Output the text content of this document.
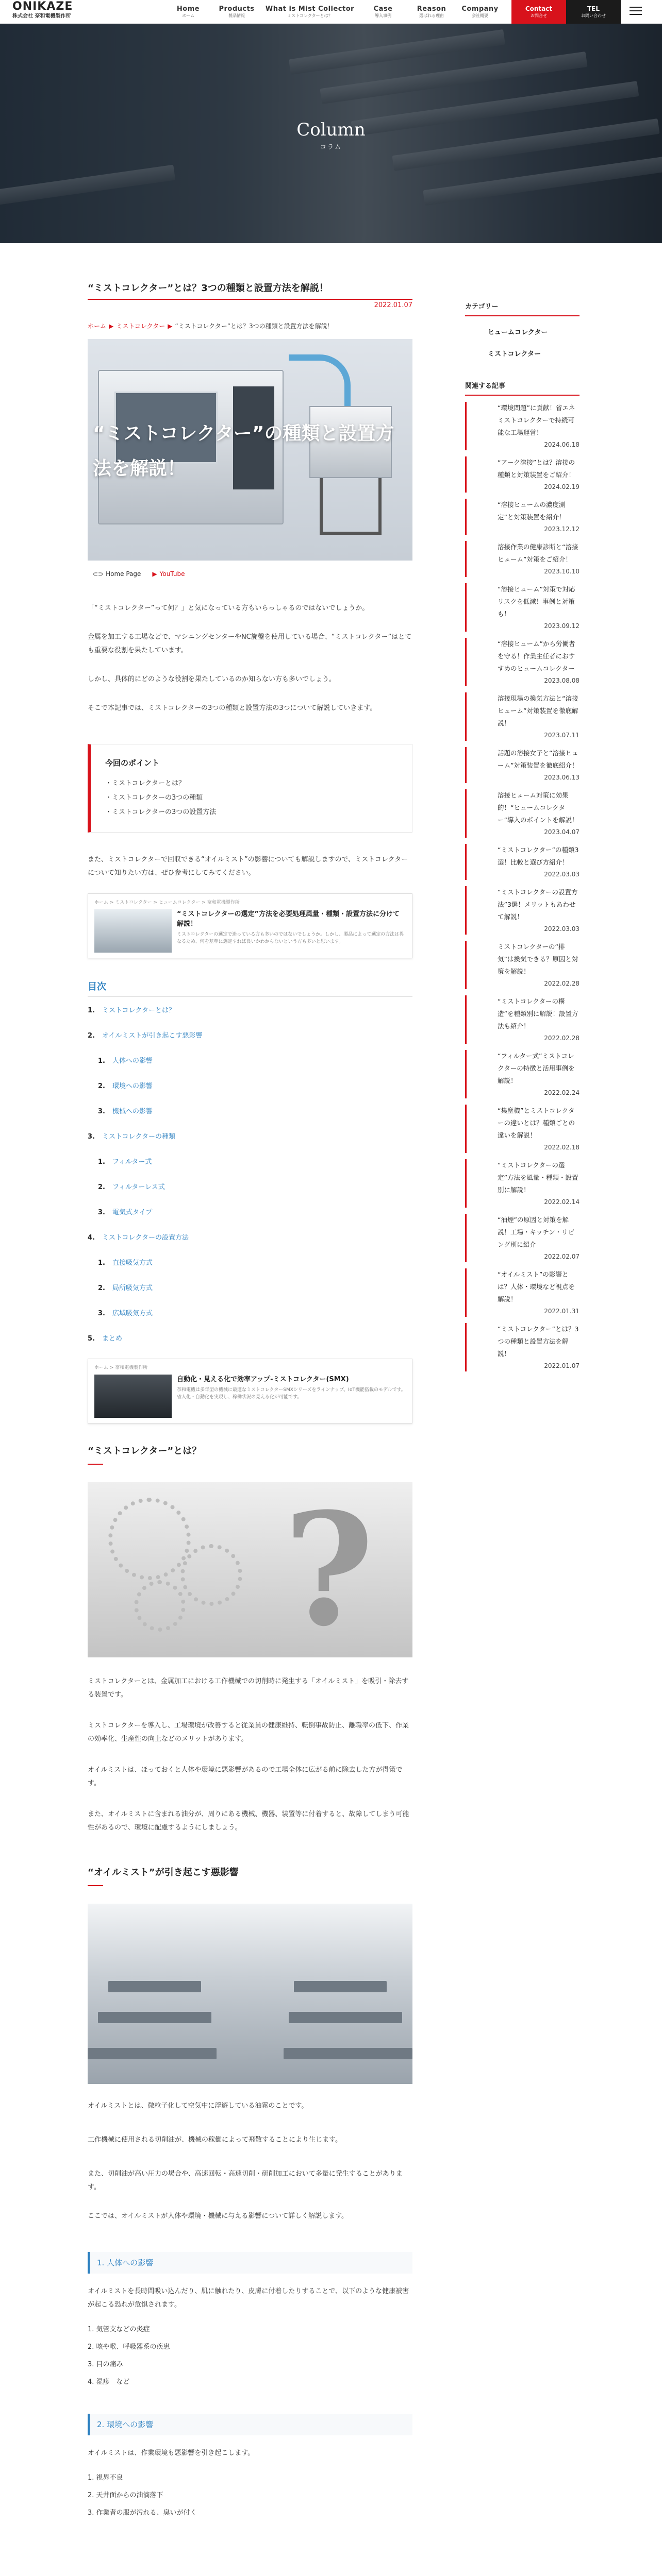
ONIKAZE
株式会社 奈和電機製作所
Home
ホーム
Products
製品情報
What is Mist Collector
ミストコレクターとは？
Case
導入事例
Reason
選ばれる理由
Company
会社概要
Contact
お問合せ
TEL
お問い合わせ
Column
コラム
“ミストコレクター”とは？3つの種類と設置方法を解説！
2022.01.07
ホーム ▶ ミストコレクター ▶ “ミストコレクター”とは？3つの種類と設置方法を解説！
“ミストコレクター”の種類と設置方法を解説！
⊂⊃ Home Page ▶ YouTube

「“ミストコレクター”って何？」と気になっている方もいらっしゃるのではないでしょうか。

金属を加工する工場などで、マシニングセンターやNC旋盤を使用している場合、“ミストコレクター”はとても重要な役割を果たしています。

しかし、具体的にどのような役割を果たしているのか知らない方も多いでしょう。

そこで本記事では、ミストコレクターの3つの種類と設置方法の3つについて解説していきます。

今回のポイント
・ミストコレクターとは？
・ミストコレクターの3つの種類
・ミストコレクターの3つの設置方法

また、ミストコレクターで回収できる“オイルミスト”の影響についても解説しますので、ミストコレクターについて知りたい方は、ぜひ参考にしてみてください。

ホーム > ミストコレクター > ヒュームコレクター > 奈和電機製作所
“ミストコレクターの選定”方法を必要処理風量・種類・設置方法に分けて解説！
ミストコレクターの選定で迷っている方も多いのではないでしょうか。しかし、製品によって選定の方法は異なるため、何を基準に選定すれば良いかわからないという方も多いと思います。
目次
1. ミストコレクターとは？
2. オイルミストが引き起こす悪影響
1. 人体への影響
2. 環境への影響
3. 機械への影響
3. ミストコレクターの種類
1. フィルター式
2. フィルターレス式
3. 電気式タイプ
4. ミストコレクターの設置方法
1. 直接吸気方式
2. 局所吸気方式
3. 広域吸気方式
5. まとめ
ホーム > 奈和電機製作所
自動化・見える化で効率アップ-ミストコレクター(SMX)
奈和電機は多年型の機械に最適なミストコレクターSMXシリーズをラインナップ。IoT機能搭載のモデルです。省人化・自動化を実現し、稼働状況の見える化が可能です。
“ミストコレクター”とは？
?

ミストコレクターとは、金属加工における工作機械での切削時に発生する「オイルミスト」を吸引・除去する装置です。

ミストコレクターを導入し、工場環境が改善すると従業員の健康維持、転倒事故防止、離職率の低下、作業の効率化、生産性の向上などのメリットがあります。

オイルミストは、ほっておくと人体や環境に悪影響があるので工場全体に広がる前に除去した方が得策です。

また、オイルミストに含まれる油分が、周りにある機械、機器、装置等に付着すると、故障してしまう可能性があるので、環境に配慮するようにしましょう。

“オイルミスト”が引き起こす悪影響

オイルミストとは、微粒子化して空気中に浮遊している油霧のことです。

工作機械に使用される切削油が、機械の稼働によって飛散することにより生じます。

また、切削油が高い圧力の場合や、高速回転・高速切削・研削加工において多量に発生することがあります。

ここでは、オイルミストが人体や環境・機械に与える影響について詳しく解説します。

1. 人体への影響

オイルミストを長時間吸い込んだり、肌に触れたり、皮膚に付着したりすることで、以下のような健康被害が起こる恐れが危惧されます。

1. 気管支などの炎症
2. 咳や喉、呼吸器系の疾患
3. 目の痛み
4. 湿疹　など
2. 環境への影響

オイルミストは、作業環境も悪影響を引き起こします。

1. 視界不良
2. 天井面からの油滴落下
3. 作業者の服が汚れる、臭いが付く
カテゴリー
ヒュームコレクター
ミストコレクター
関連する記事
“環境問題”に貢献！省エネミストコレクターで持続可能な工場運営！
2024.06.18
“アーク溶接”とは？溶接の種類と対策装置をご紹介！
2024.02.19
“溶接ヒュームの濃度測定”と対策装置を紹介！
2023.12.12
溶接作業の健康診断と“溶接ヒューム”対策をご紹介！
2023.10.10
“溶接ヒューム”対策で対応リスクを低減！事例と対策も！
2023.09.12
“溶接ヒューム”から労働者を守る！作業主任者におすすめのヒュームコレクター
2023.08.08
溶接現場の換気方法と“溶接ヒューム”対策装置を徹底解説！
2023.07.11
話題の溶接女子と“溶接ヒューム”対策装置を徹底紹介！
2023.06.13
溶接ヒューム対策に効果的！“ヒュームコレクター”導入のポイントを解説！
2023.04.07
“ミストコレクター”の種類3選！比較と選び方紹介！
2022.03.03
“ミストコレクターの設置方法”3選！メリットもあわせて解説！
2022.03.03
ミストコレクターの“排気”は換気できる？原因と対策を解説！
2022.02.28
“ミストコレクターの構造”を種類別に解説！設置方法も紹介！
2022.02.28
“フィルター式”ミストコレクターの特徴と活用事例を解説！
2022.02.24
“集塵機”とミストコレクターの違いとは？種類ごとの違いを解説！
2022.02.18
“ミストコレクターの選定”方法を風量・種類・設置別に解説！
2022.02.14
“油煙”の原因と対策を解説！工場・キッチン・リビング別に紹介
2022.02.07
“オイルミスト”の影響とは？人体・環境など視点を解説！
2022.01.31
“ミストコレクター”とは？3つの種類と設置方法を解説！
2022.01.07
